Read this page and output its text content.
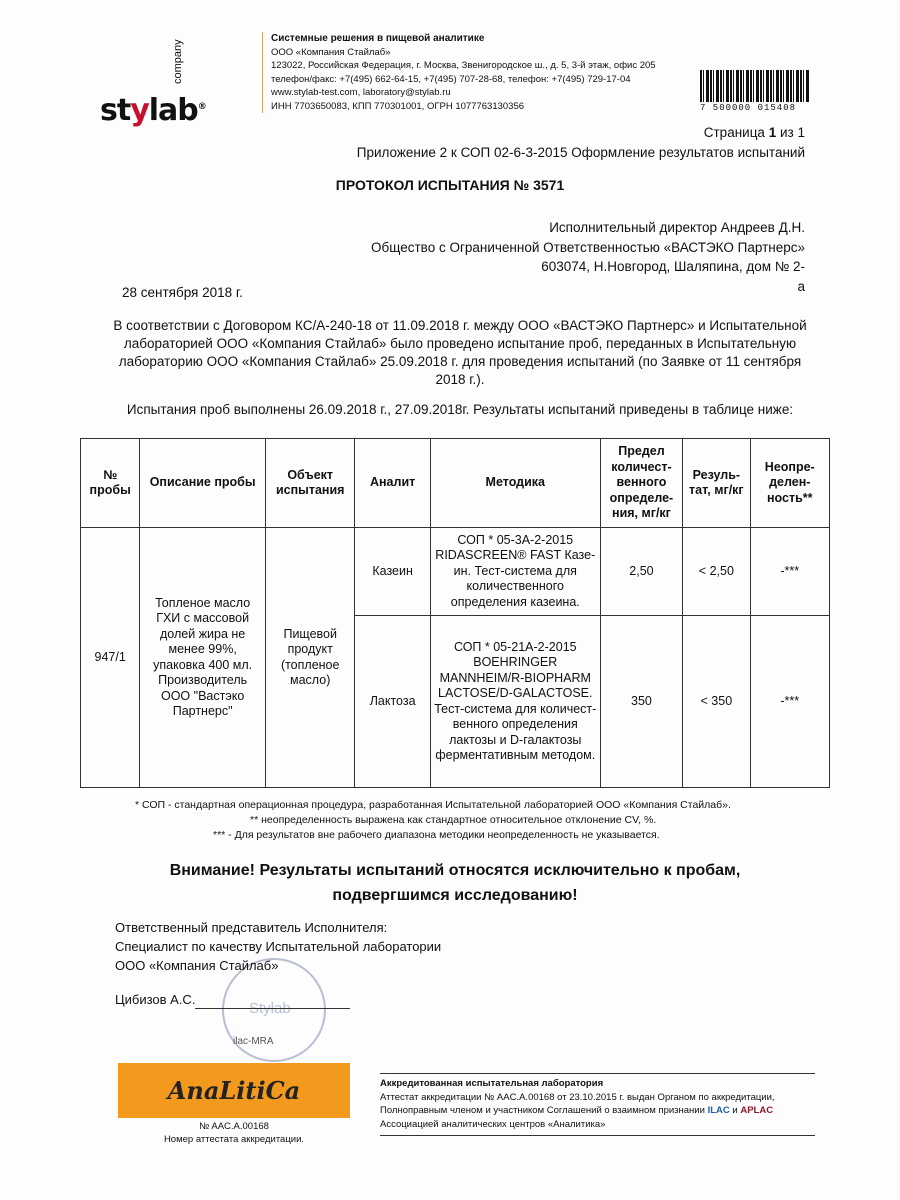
stylab®
company
Системные решения в пищевой аналитике
ООО «Компания Стайлаб»
123022, Российская Федерация, г. Москва, Звенигородское ш., д. 5, 3-й этаж, офис 205
телефон/факс: +7(495) 662-64-15, +7(495) 707-28-68, телефон: +7(495) 729-17-04
www.stylab-test.com, laboratory@stylab.ru
ИНН 7703650083, КПП 770301001, ОГРН 1077763130356	7 500000 015408
Страница 1 из 1
Приложение 2 к СОП 02-6-3-2015 Оформление результатов испытаний
ПРОТОКОЛ ИСПЫТАНИЯ № 3571
Исполнительный директор Андреев Д.Н.
Общество с Ограниченной Ответственностью «ВАСТЭКО Партнерс»
603074, Н.Новгород, Шаляпина, дом № 2-
а
28 сентября 2018 г.
В соответствии с Договором КС/А-240-18 от 11.09.2018 г. между ООО «ВАСТЭКО Партнерс» и Испытательной лабораторией ООО «Компания Стайлаб» было проведено испытание проб, переданных в Испытательную лабораторию ООО «Компания Стайлаб» 25.09.2018 г. для проведения испытаний (по Заявке от 11 сентября 2018 г.).
Испытания проб выполнены 26.09.2018 г., 27.09.2018г. Результаты испытаний приведены в таблице ниже:
№ пробы	Описание пробы	Объект испытания	Аналит	Методика	Предел количест-венного определе-ния, мг/кг	Резуль-тат, мг/кг	Неопре-делен-ность**
947/1	Топленое масло ГХИ с массовой долей жира не менее 99%, упаковка 400 мл. Производитель ООО "Вастэко Партнерс"	Пищевой продукт (топленое масло)	Казеин	СОП * 05-3А-2-2015 RIDASCREEN® FAST Казе-ин. Тест-система для количественного определения казеина.	2,50	< 2,50	-***
			Лактоза	СОП * 05-21А-2-2015 BOEHRINGER MANNHEIM/R-BIOPHARM LACTOSE/D-GALACTOSE. Тест-система для количест-венного определения лактозы и D-галактозы ферментативным методом.	350	< 350	-***
* СОП - стандартная операционная процедура, разработанная Испытательной лабораторией ООО «Компания Стайлаб».
** неопределенность выражена как стандартное относительное отклонение CV, %.
*** - Для результатов вне рабочего диапазона методики неопределенность не указывается.
Внимание! Результаты испытаний относятся исключительно к пробам,
подвергшимся исследованию!
Stylab
Ответственный представитель Исполнителя:
Специалист по качеству Испытательной лаборатории
ООО «Компания Стайлаб»
Цибизов А.С.
ilac-MRA
AnaLitiCa
№ AAC.A.00168
Номер аттестата аккредитации.
Аккредитованная испытательная лаборатория
Аттестат аккредитации № AAC.A.00168 от 23.10.2015 г. выдан Органом по аккредитации,
Полноправным членом и участником Соглашений о взаимном признании ILAC и APLAC
Ассоциацией аналитических центров «Аналитика»
